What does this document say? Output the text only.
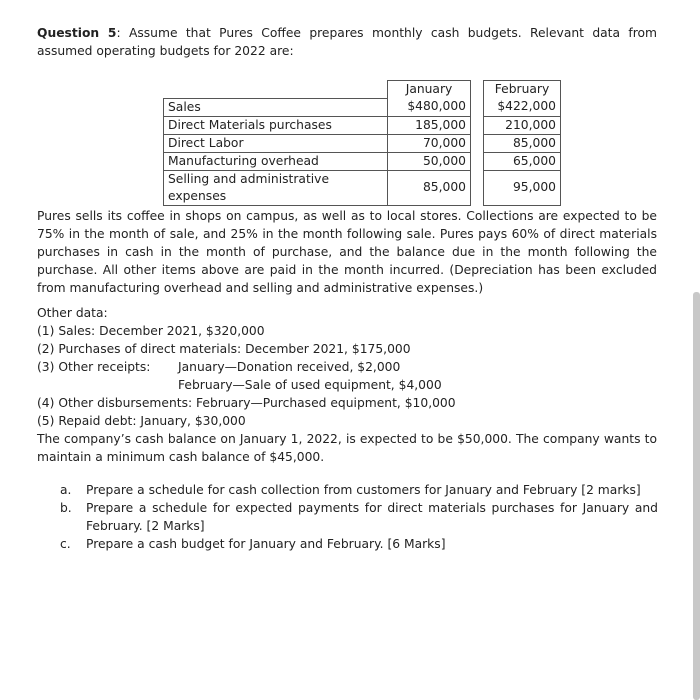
Question 5: Assume that Pures Coffee prepares monthly cash budgets. Relevant data from assumed operating budgets for 2022 are:

	January		February
Sales	$480,000		$422,000
Direct Materials purchases	185,000		210,000
Direct Labor	70,000		85,000
Manufacturing overhead	50,000		65,000
Selling and administrative expenses	85,000		95,000

Pures sells its coffee in shops on campus, as well as to local stores. Collections are expected to be 75% in the month of sale, and 25% in the month following sale. Pures pays 60% of direct materials purchases in cash in the month of purchase, and the balance due in the month following the purchase. All other items above are paid in the month incurred. (Depreciation has been excluded from manufacturing overhead and selling and administrative expenses.)

Other data:
(1) Sales: December 2021, $320,000
(2) Purchases of direct materials: December 2021, $175,000
(3) Other receipts: January—Donation received, $2,000
February—Sale of used equipment, $4,000
(4) Other disbursements: February—Purchased equipment, $10,000
(5) Repaid debt: January, $30,000

The company’s cash balance on January 1, 2022, is expected to be $50,000. The company wants to maintain a minimum cash balance of $45,000.

a.	Prepare a schedule for cash collection from customers for January and February [2 marks]
b.	Prepare a schedule for expected payments for direct materials purchases for January and February. [2 Marks]
c.	Prepare a cash budget for January and February. [6 Marks]
